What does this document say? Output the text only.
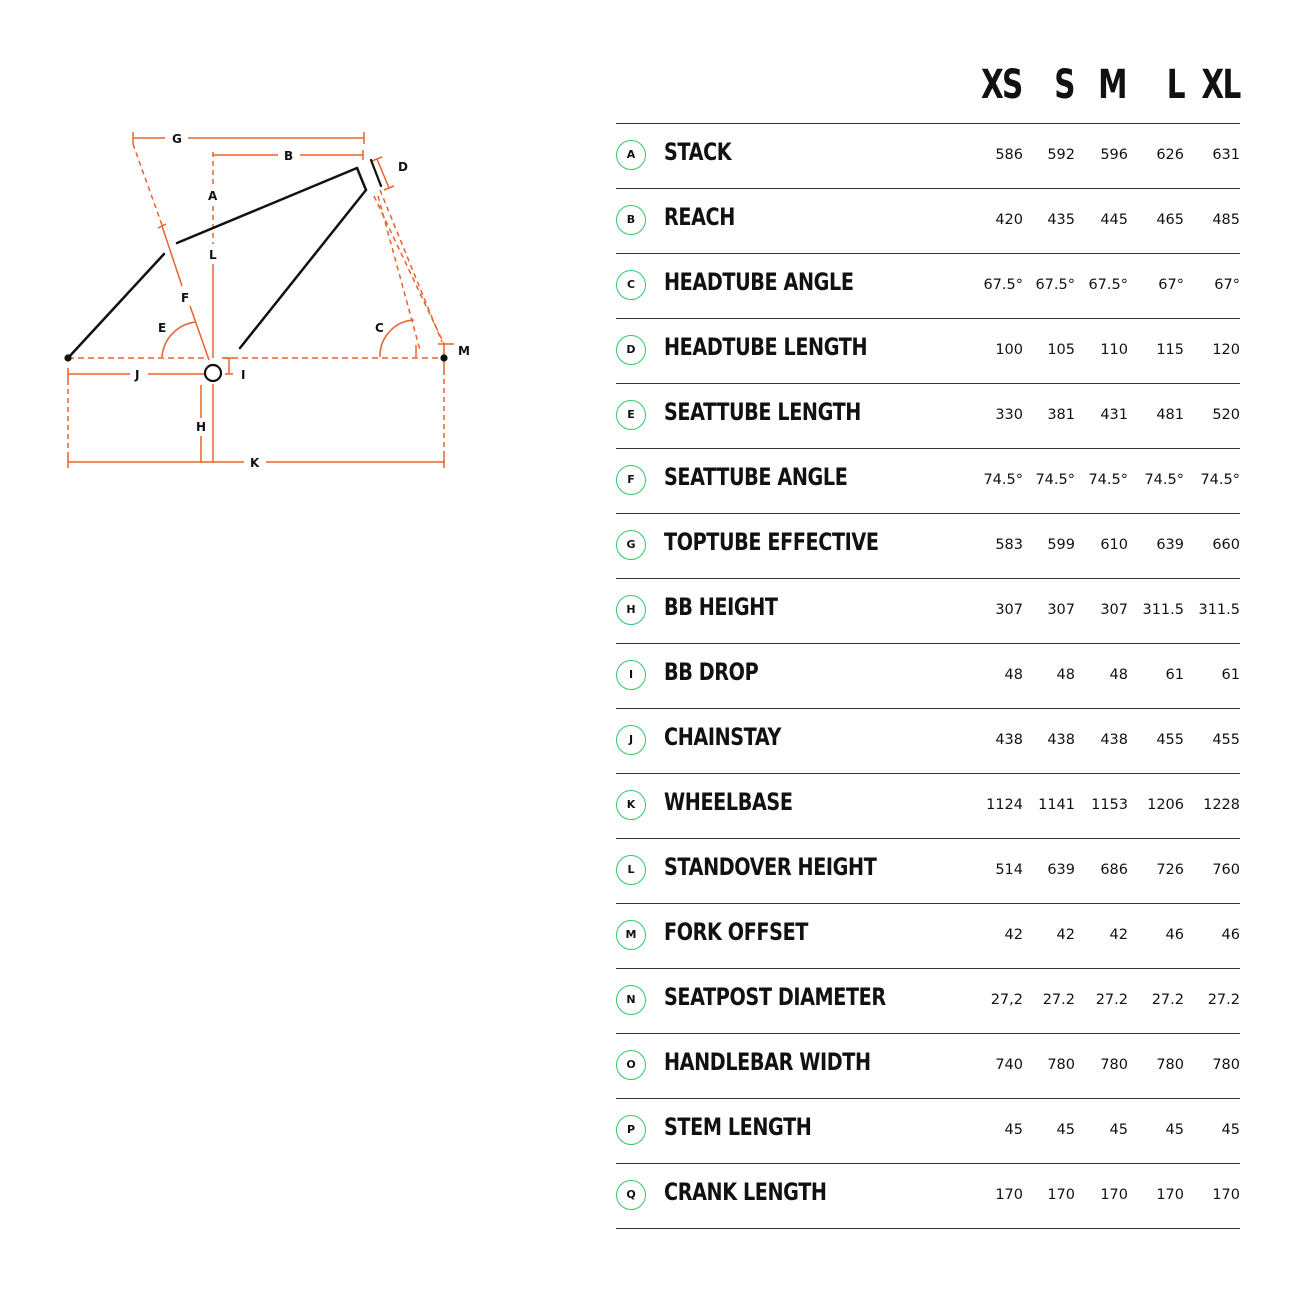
G
B
D
A
L
F
E	C
M
J	I
H
K
XS S M L XL
A	STACK	586 592 596 626 631
B	REACH	420 435 445 465 485
C	HEADTUBE ANGLE	67.5° 67.5° 67.5° 67° 67°
D	HEADTUBE LENGTH	100 105 110 115 120
E	SEATTUBE LENGTH	330 381 431 481 520
F	SEATTUBE ANGLE	74.5° 74.5° 74.5° 74.5° 74.5°
G	TOPTUBE EFFECTIVE	583 599 610 639 660
H	BB HEIGHT	307 307 307 311.5 311.5
I	BB DROP	48 48 48	61	61
J	CHAINSTAY	438 438 438 455 455
K	WHEELBASE	1124 1141 1153 1206 1228
L	STANDOVER HEIGHT	514 639 686 726 760
M	FORK OFFSET	42 42 42	46	46
N	SEATPOST DIAMETER	27,2 27.2 27.2 27.2 27.2
O	HANDLEBAR WIDTH	740 780 780 780 780
P	STEM LENGTH	45 45 45	45	45
Q	CRANK LENGTH	170 170 170 170 170
